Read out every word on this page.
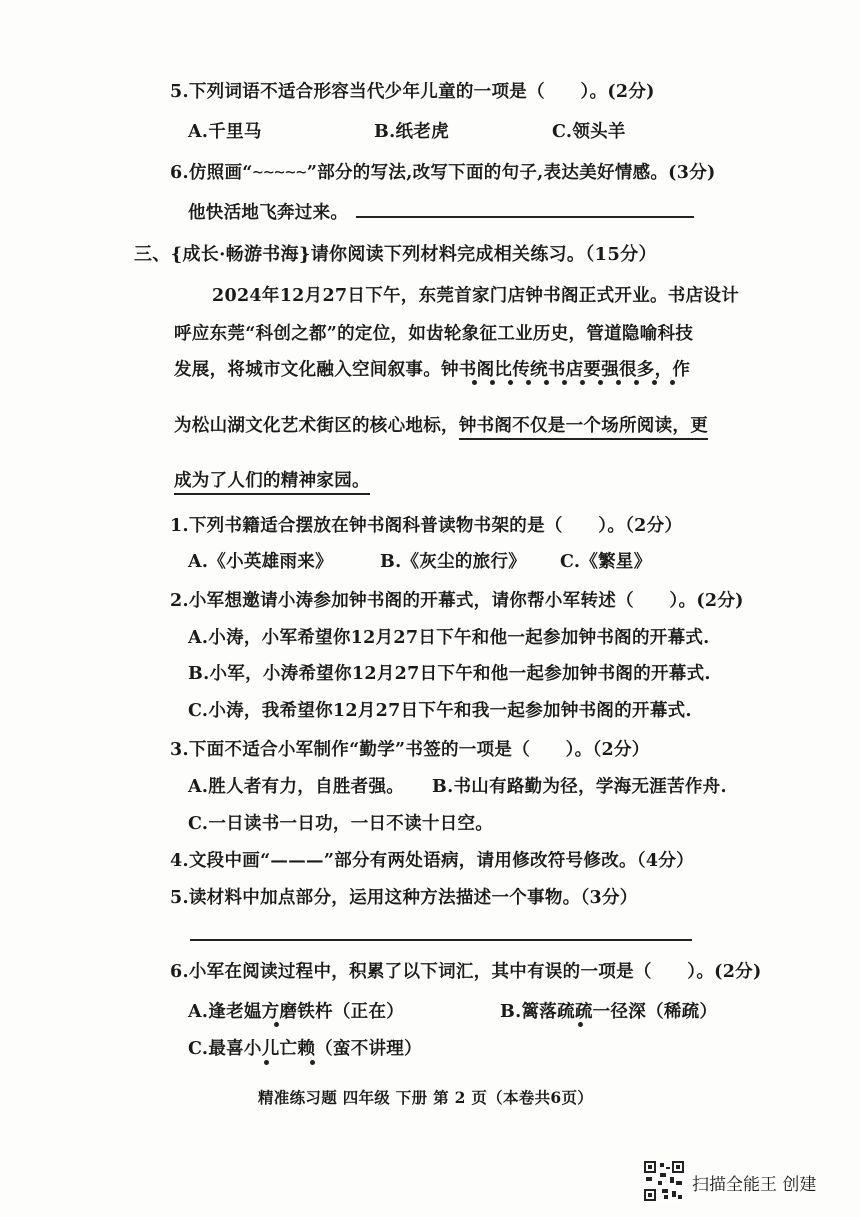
5.下列词语不适合形容当代少年儿童的一项是（　　）。(2分)
A.千里马	B.纸老虎	C.领头羊
6.仿照画“~~~~~”部分的写法,改写下面的句子,表达美好情感。(3分)
他快活地飞奔过来。
三、{成长·畅游书海}请你阅读下列材料完成相关练习。（15分）
2024年12月27日下午，东莞首家门店钟书阁正式开业。书店设计
呼应东莞“科创之都”的定位，如齿轮象征工业历史，管道隐喻科技
发展，将城市文化融入空间叙事。钟书阁比传统书店要强很多，作
为松山湖文化艺术街区的核心地标，钟书阁不仅是一个场所阅读，更
成为了人们的精神家园。
1.下列书籍适合摆放在钟书阁科普读物书架的是（　　）。（2分）
A.《小英雄雨来》	B.《灰尘的旅行》 C.《繁星》
2.小军想邀请小涛参加钟书阁的开幕式，请你帮小军转述（　　）。(2分)
A.小涛，小军希望你12月27日下午和他一起参加钟书阁的开幕式.
B.小军，小涛希望你12月27日下午和他一起参加钟书阁的开幕式.
C.小涛，我希望你12月27日下午和我一起参加钟书阁的开幕式.
3.下面不适合小军制作“勤学”书签的一项是（　　）。（2分）
A.胜人者有力，自胜者强。 B.书山有路勤为径，学海无涯苦作舟.
C.一日读书一日功，一日不读十日空。
4.文段中画“———”部分有两处语病，请用修改符号修改。（4分）
5.读材料中加点部分，运用这种方法描述一个事物。（3分）
6.小军在阅读过程中，积累了以下词汇，其中有误的一项是（　　）。(2分)
A.逢老媪方磨铁杵（正在）	B.篱落疏疏一径深（稀疏）
C.最喜小儿亡赖（蛮不讲理）
精准练习题 四年级 下册 第 2 页（本卷共6页）
扫描全能王 创建
